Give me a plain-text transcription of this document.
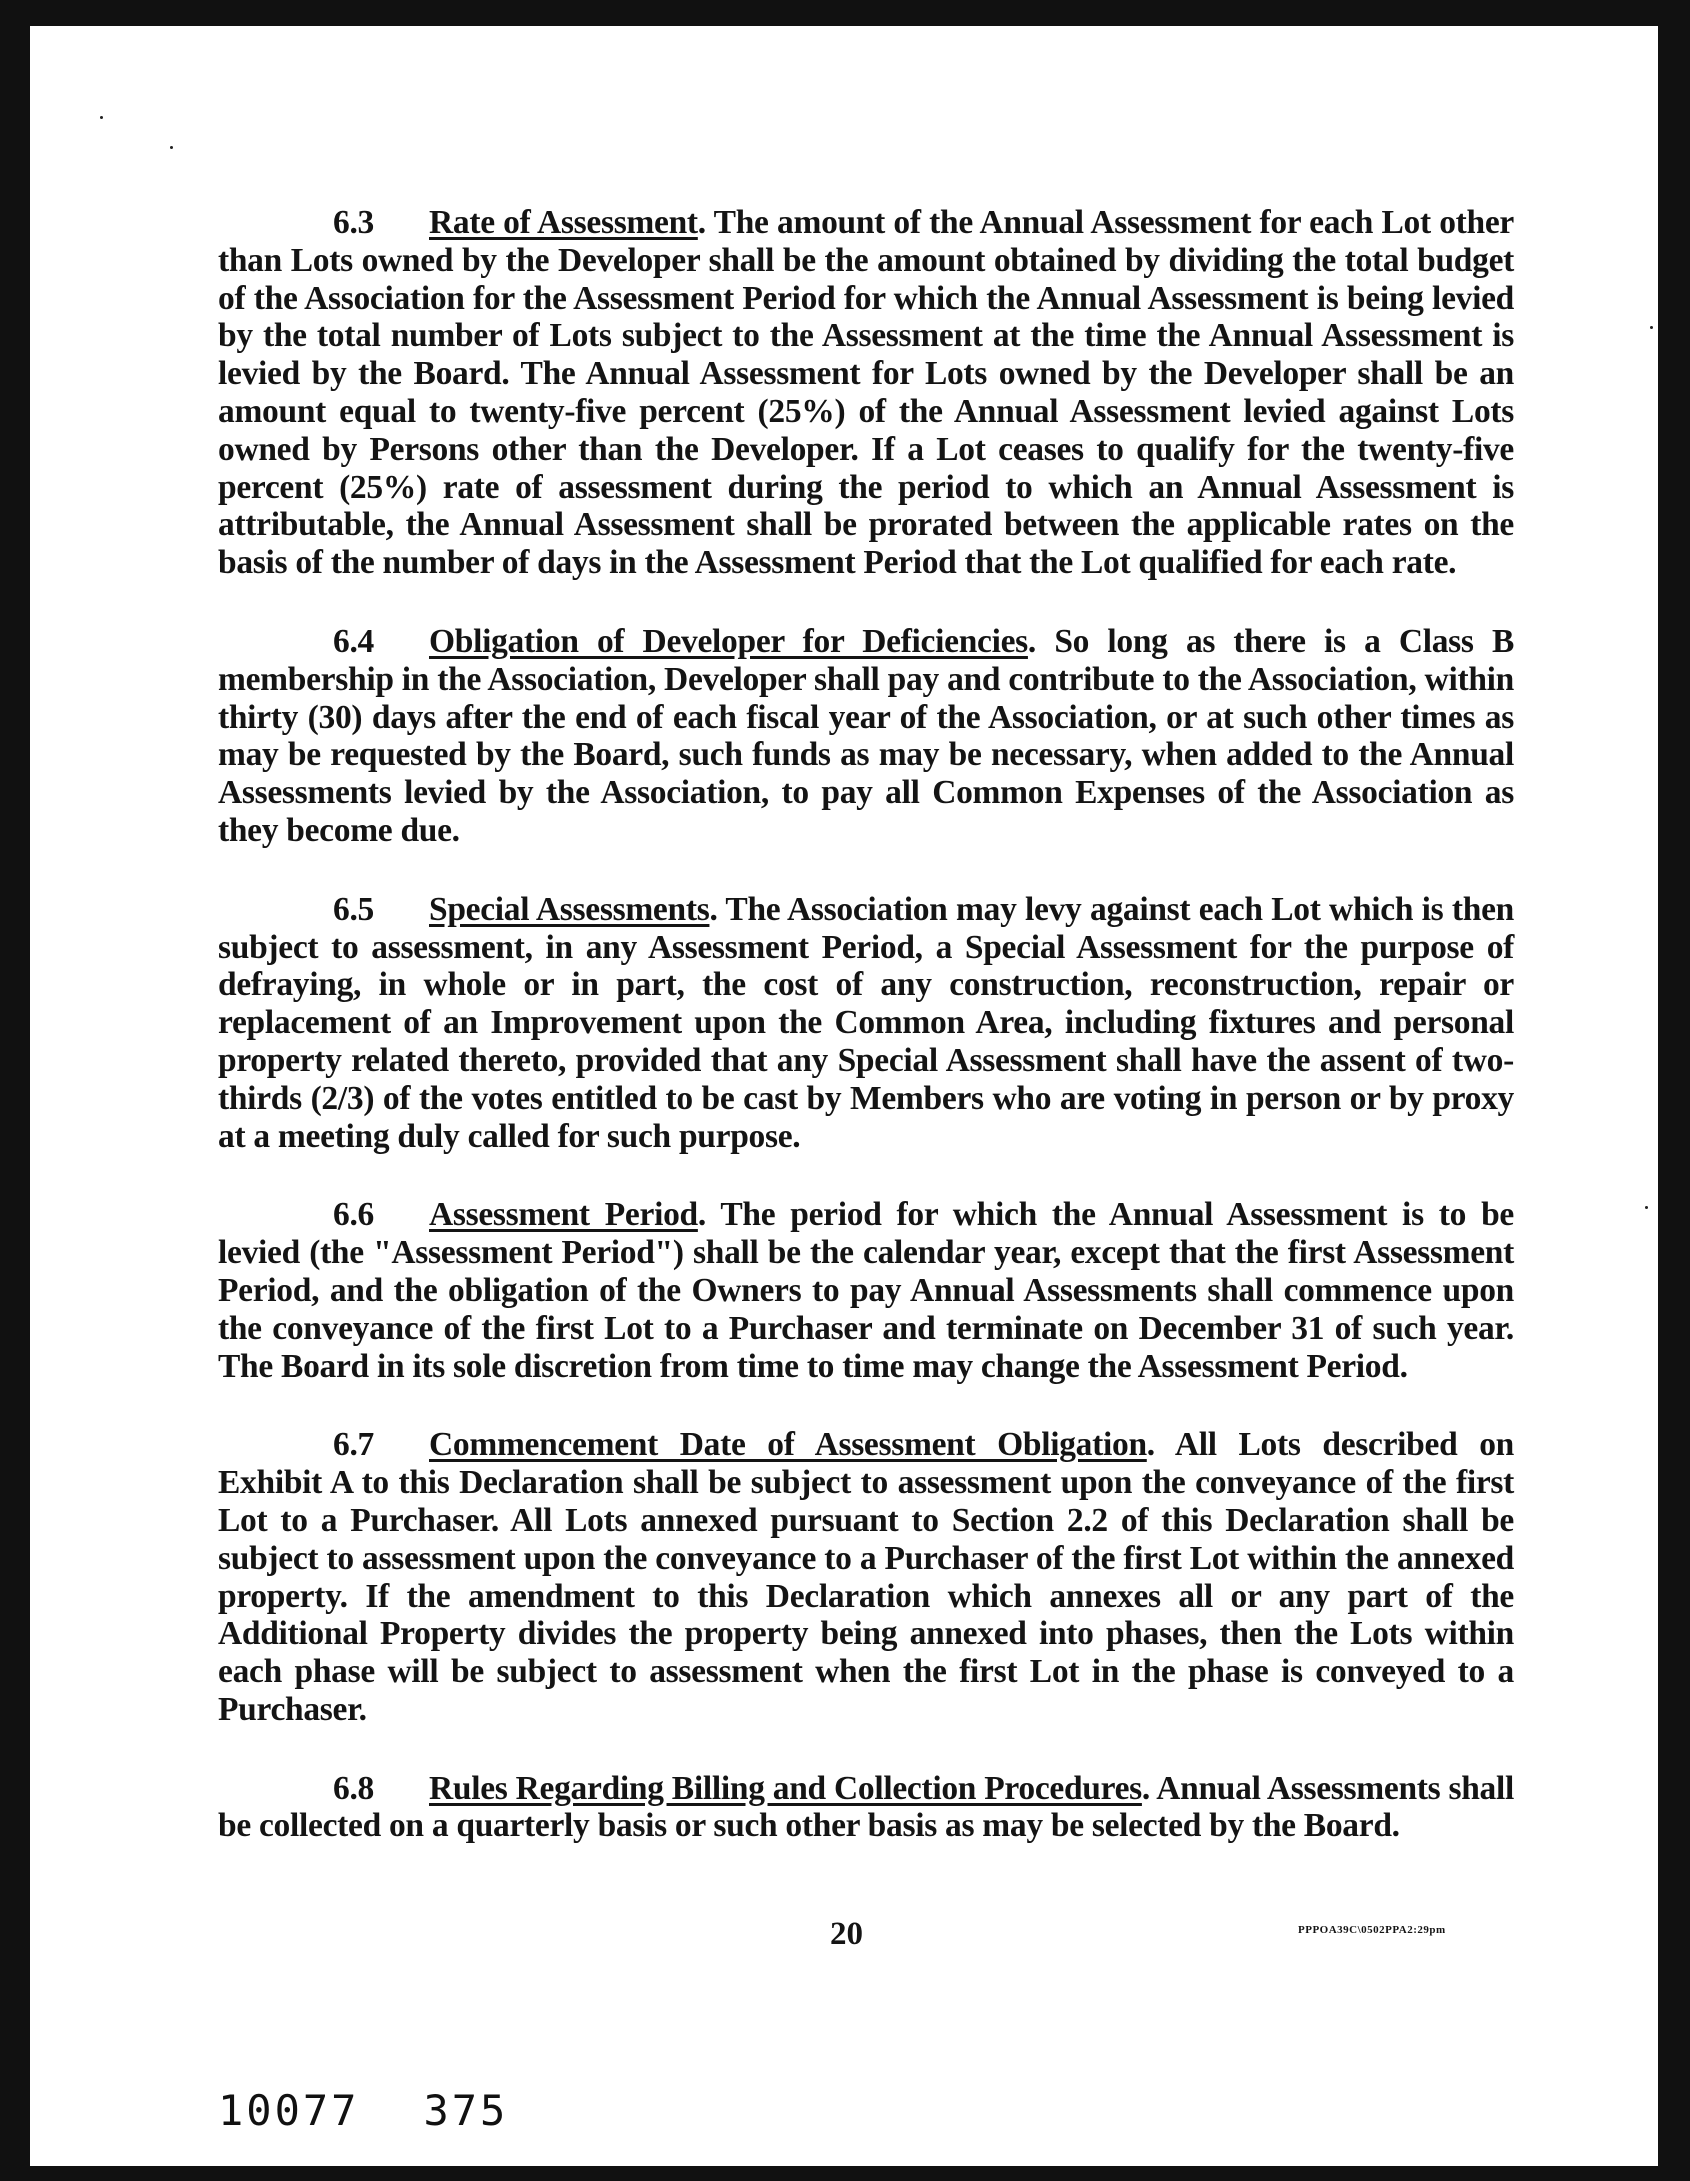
6.3 Rate of Assessment. The amount of the Annual Assessment for each Lot other than Lots owned by the Developer shall be the amount obtained by dividing the total budget of the Association for the Assessment Period for which the Annual Assessment is being levied by the total number of Lots subject to the Assessment at the time the Annual Assessment is levied by the Board. The Annual Assessment for Lots owned by the Developer shall be an amount equal to twenty-five percent (25%) of the Annual Assessment levied against Lots owned by Persons other than the Developer. If a Lot ceases to qualify for the twenty-five percent (25%) rate of assessment during the period to which an Annual Assessment is attributable, the Annual Assessment shall be prorated between the applicable rates on the basis of the number of days in the Assessment Period that the Lot qualified for each rate.

6.4 Obligation of Developer for Deficiencies. So long as there is a Class B membership in the Association, Developer shall pay and contribute to the Association, within thirty (30) days after the end of each fiscal year of the Association, or at such other times as may be requested by the Board, such funds as may be necessary, when added to the Annual Assessments levied by the Association, to pay all Common Expenses of the Association as they become due.

6.5 Special Assessments. The Association may levy against each Lot which is then subject to assessment, in any Assessment Period, a Special Assessment for the purpose of defraying, in whole or in part, the cost of any construction, reconstruction, repair or replacement of an Improvement upon the Common Area, including fixtures and personal property related thereto, provided that any Special Assessment shall have the assent of two-thirds (2/3) of the votes entitled to be cast by Members who are voting in person or by proxy at a meeting duly called for such purpose.

6.6 Assessment Period. The period for which the Annual Assessment is to be levied (the "Assessment Period") shall be the calendar year, except that the first Assessment Period, and the obligation of the Owners to pay Annual Assessments shall commence upon the conveyance of the first Lot to a Purchaser and terminate on December 31 of such year. The Board in its sole discretion from time to time may change the Assessment Period.

6.7 Commencement Date of Assessment Obligation. All Lots described on Exhibit A to this Declaration shall be subject to assessment upon the conveyance of the first Lot to a Purchaser. All Lots annexed pursuant to Section 2.2 of this Declaration shall be subject to assessment upon the conveyance to a Purchaser of the first Lot within the annexed property. If the amendment to this Declaration which annexes all or any part of the Additional Property divides the property being annexed into phases, then the Lots within each phase will be subject to assessment when the first Lot in the phase is conveyed to a Purchaser.

6.8 Rules Regarding Billing and Collection Procedures. Annual Assessments shall be collected on a quarterly basis or such other basis as may be selected by the Board.

20	PPPOA39C\0502PPA2:29pm
10077 375
